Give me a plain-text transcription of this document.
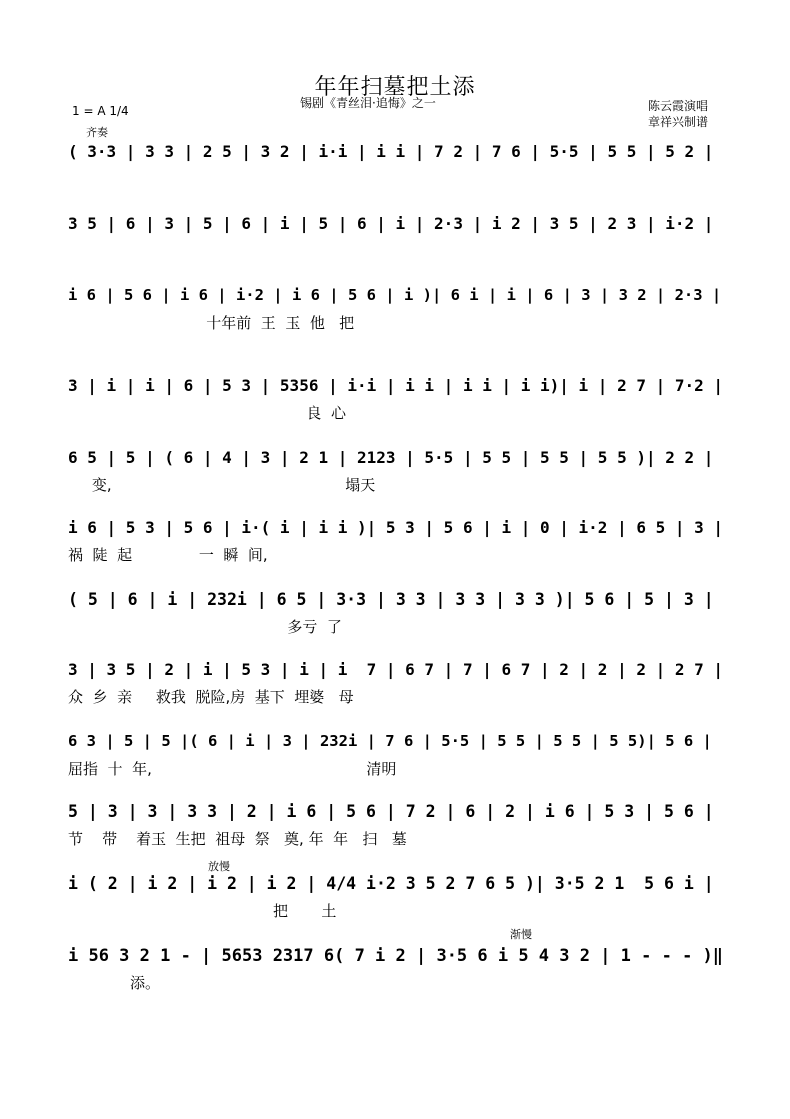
年年扫墓把土添
锡剧《青丝泪·追悔》之一
1 = A 1/4	陈云霞演唱
章祥兴制谱
齐奏
放慢
渐慢
( 3·3 | 3 3 | 2 5 | 3 2 | i·i | i i | 7 2 | 7 6 | 5·5 | 5 5 | 5 2 |
3 5 | 6 | 3 | 5 | 6 | i | 5 | 6 | i | 2·3 | i 2 | 3 5 | 2 3 | i·2 |
i 6 | 5 6 | i 6 | i·2 | i 6 | 5 6 | i )| 6 i | i | 6 | 3 | 3 2 | 2·3 |
十年前  王  玉  他   把
3 | i | i | 6 | 5 3 | 5356 | i·i | i i | i i | i i)| i | 2 7 | 7·2 |
良  心
6 5 | 5 | ( 6 | 4 | 3 | 2 1 | 2123 | 5·5 | 5 5 | 5 5 | 5 5 )| 2 2 |
变,                                                 塌天
i 6 | 5 3 | 5 6 | i·( i | i i )| 5 3 | 5 6 | i | 0 | i·2 | 6 5 | 3 |
祸  陡  起              一  瞬  间,
( 5 | 6 | i | 232i | 6 5 | 3·3 | 3 3 | 3 3 | 3 3 )| 5 6 | 5 | 3 |
多亏  了
3 | 3 5 | 2 | i | 5 3 | i | i  7 | 6 7 | 7 | 6 7 | 2 | 2 | 2 | 2 7 |
众  乡  亲     救我  脱险,房  基下  埋婆   母
6 3 | 5 | 5 |( 6 | i | 3 | 232i | 7 6 | 5·5 | 5 5 | 5 5 | 5 5)| 5 6 |
屈指  十  年,                                             清明
5 | 3 | 3 | 3 3 | 2 | i 6 | 5 6 | 7 2 | 6 | 2 | i 6 | 5 3 | 5 6 |
节    带    着玉  生把  祖母  祭   奠, 年  年   扫   墓
i ( 2 | i 2 | i 2 | i 2 | 4/4 i·2 3 5 2 7 6 5 )| 3·5 2 1  5 6 i |
把       土
i 56 3 2 1 - | 5653 2317 6( 7 i 2 | 3·5 6 i 5 4 3 2 | 1 - - - )‖
添。
